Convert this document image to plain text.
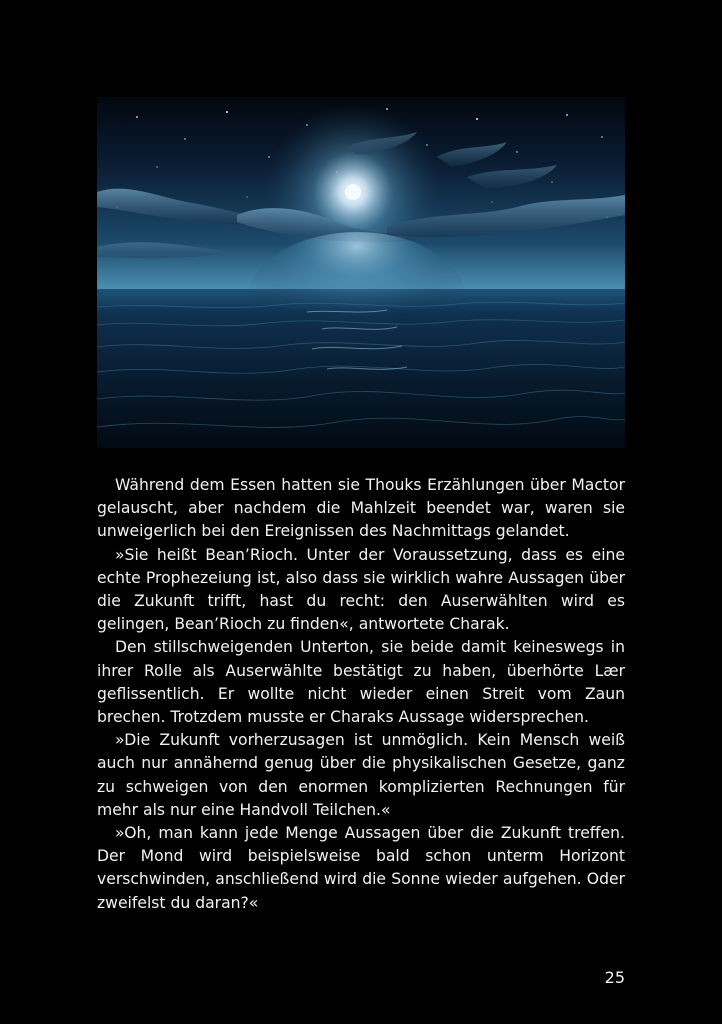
Während dem Essen hatten sie Thouks Erzählungen über Mactor gelauscht, aber nachdem die Mahlzeit beendet war, waren sie unweigerlich bei den Ereignissen des Nachmittags gelandet.

»Sie heißt Bean’Rioch. Unter der Voraussetzung, dass es eine echte Prophezeiung ist, also dass sie wirklich wahre Aussagen über die Zukunft trifft, hast du recht: den Auserwählten wird es gelingen, Bean’Rioch zu finden«, antwortete Charak.

Den stillschweigenden Unterton, sie beide damit keineswegs in ihrer Rolle als Auserwählte bestätigt zu haben, überhörte Lær geflissentlich. Er wollte nicht wieder einen Streit vom Zaun brechen. Trotzdem musste er Charaks Aussage widersprechen.

»Die Zukunft vorherzusagen ist unmöglich. Kein Mensch weiß auch nur annähernd genug über die physikalischen Gesetze, ganz zu schweigen von den enormen komplizierten Rechnungen für mehr als nur eine Handvoll Teilchen.«

»Oh, man kann jede Menge Aussagen über die Zukunft treffen. Der Mond wird beispielsweise bald schon unterm Horizont verschwinden, anschließend wird die Sonne wieder aufgehen. Oder zweifelst du daran?«

25
